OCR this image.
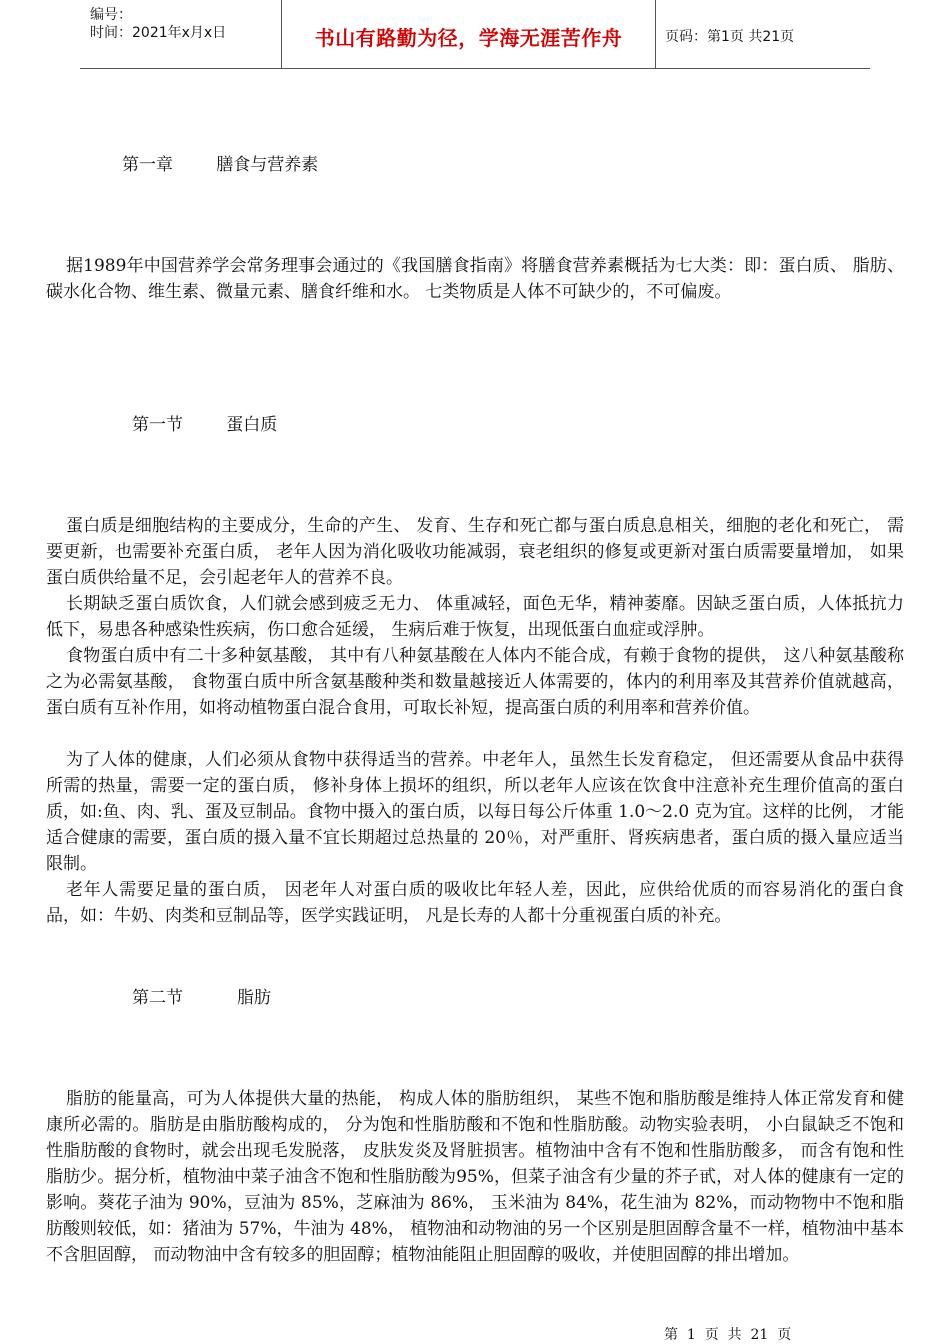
编号：
时间：2021年x月x日	书山有路勤为径，学海无涯苦作舟	页码：第1页 共21页
第一章        膳食与营养素

据1989年中国营养学会常务理事会通过的《我国膳食指南》将膳食营养素概括为七大类：即：蛋白质、 脂肪、碳水化合物、维生素、微量元素、膳食纤维和水。 七类物质是人体不可缺少的，不可偏废。

第一节        蛋白质

蛋白质是细胞结构的主要成分，生命的产生、 发育、生存和死亡都与蛋白质息息相关，细胞的老化和死亡， 需要更新，也需要补充蛋白质， 老年人因为消化吸收功能减弱，衰老组织的修复或更新对蛋白质需要量增加， 如果蛋白质供给量不足，会引起老年人的营养不良。

长期缺乏蛋白质饮食，人们就会感到疲乏无力、 体重减轻，面色无华，精神萎靡。因缺乏蛋白质，人体抵抗力低下，易患各种感染性疾病，伤口愈合延缓， 生病后难于恢复，出现低蛋白血症或浮肿。

食物蛋白质中有二十多种氨基酸， 其中有八种氨基酸在人体内不能合成，有赖于食物的提供， 这八种氨基酸称之为必需氨基酸， 食物蛋白质中所含氨基酸种类和数量越接近人体需要的，体内的利用率及其营养价值就越高， 蛋白质有互补作用，如将动植物蛋白混合食用，可取长补短，提高蛋白质的利用率和营养价值。

为了人体的健康，人们必须从食物中获得适当的营养。中老年人，虽然生长发育稳定， 但还需要从食品中获得所需的热量，需要一定的蛋白质， 修补身体上损坏的组织，所以老年人应该在饮食中注意补充生理价值高的蛋白质，如:鱼、肉、乳、蛋及豆制品。食物中摄入的蛋白质，以每日每公斤体重 1.0～2.0 克为宜。这样的比例， 才能适合健康的需要，蛋白质的摄入量不宜长期超过总热量的 20％，对严重肝、肾疾病患者，蛋白质的摄入量应适当限制。

老年人需要足量的蛋白质， 因老年人对蛋白质的吸收比年轻人差，因此，应供给优质的而容易消化的蛋白食品，如：牛奶、肉类和豆制品等，医学实践证明， 凡是长寿的人都十分重视蛋白质的补充。

第二节          脂肪

脂肪的能量高，可为人体提供大量的热能， 构成人体的脂肪组织， 某些不饱和脂肪酸是维持人体正常发育和健康所必需的。脂肪是由脂肪酸构成的， 分为饱和性脂肪酸和不饱和性脂肪酸。动物实验表明， 小白鼠缺乏不饱和性脂肪酸的食物时，就会出现毛发脱落， 皮肤发炎及肾脏损害。植物油中含有不饱和性脂肪酸多， 而含有饱和性脂肪少。据分析，植物油中菜子油含不饱和性脂肪酸为95%，但菜子油含有少量的芥子甙，对人体的健康有一定的影响。葵花子油为 90%，豆油为 85%，芝麻油为 86%， 玉米油为 84%，花生油为 82%，而动物物中不饱和脂肪酸则较低，如：猪油为 57%，牛油为 48%， 植物油和动物油的另一个区别是胆固醇含量不一样，植物油中基本不含胆固醇， 而动物油中含有较多的胆固醇；植物油能阻止胆固醇的吸收，并使胆固醇的排出增加。

第  1  页  共  21  页
